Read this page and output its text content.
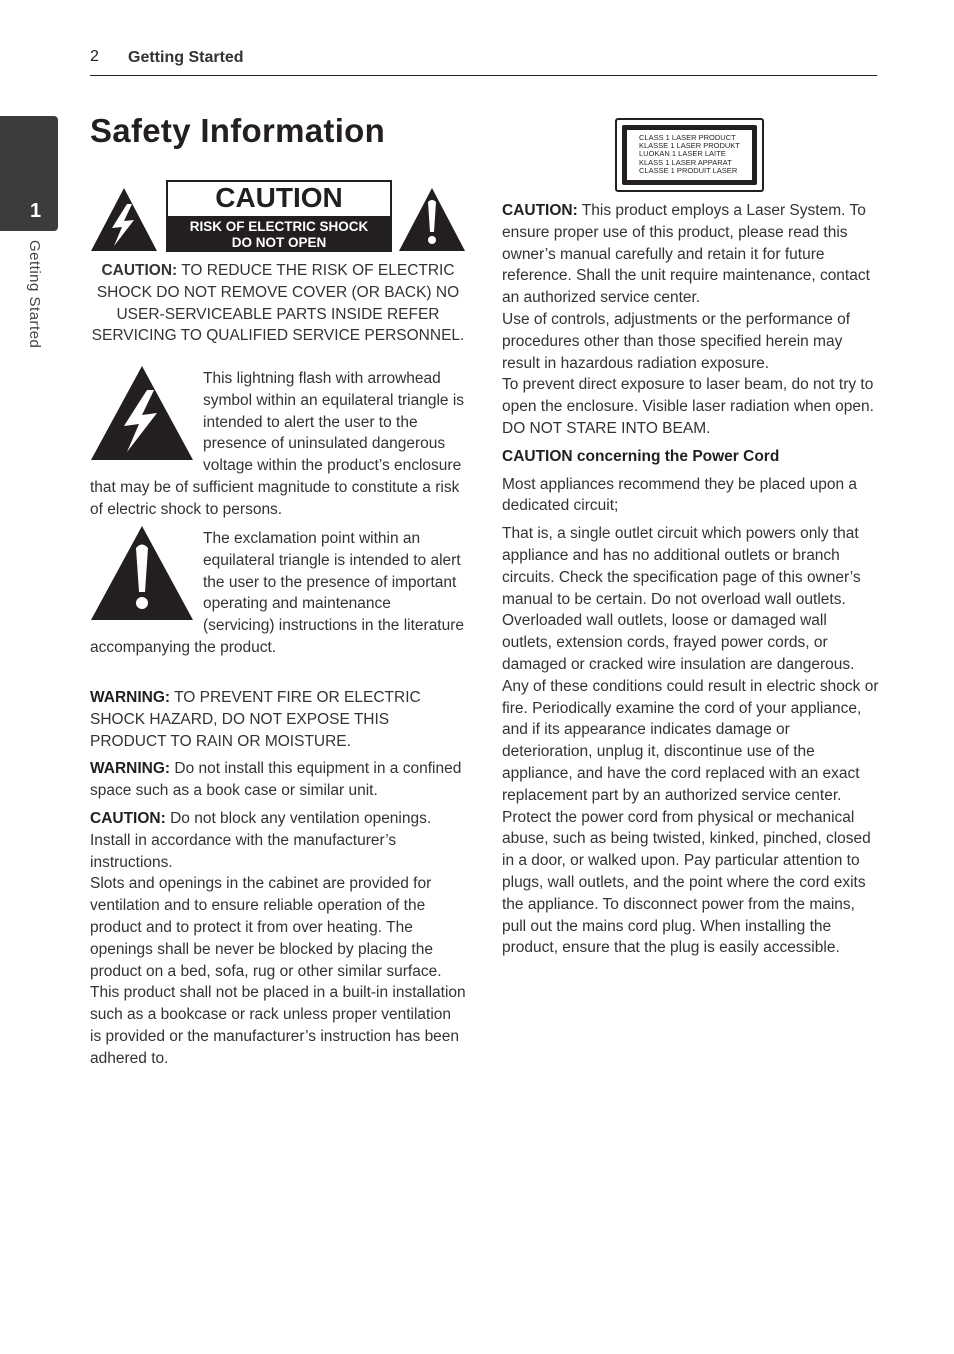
2 Getting Started
1
Getting Started
Safety Information
CAUTION
RISK OF ELECTRIC SHOCK
DO NOT OPEN
CAUTION: TO REDUCE THE RISK OF ELECTRIC SHOCK DO NOT REMOVE COVER (OR BACK) NO USER-SERVICEABLE PARTS INSIDE REFER SERVICING TO QUALIFIED SERVICE PERSONNEL.
This lightning flash with arrowhead symbol within an equilateral triangle is intended to alert the user to the presence of uninsulated dangerous voltage within the product’s enclosure that may be of sufficient magnitude to constitute a risk of electric shock to persons.
The exclamation point within an equilateral triangle is intended to alert the user to the presence of important operating and maintenance (servicing) instructions in the literature accompanying the product.

WARNING: TO PREVENT FIRE OR ELECTRIC SHOCK HAZARD, DO NOT EXPOSE THIS PRODUCT TO RAIN OR MOISTURE.

WARNING: Do not install this equipment in a confined space such as a book case or similar unit.

CAUTION: Do not block any ventilation openings. Install in accordance with the manufacturer’s instructions.

Slots and openings in the cabinet are provided for ventilation and to ensure reliable operation of the product and to protect it from over heating. The openings shall be never be blocked by placing the product on a bed, sofa, rug or other similar surface. This product shall not be placed in a built-in installation such as a bookcase or rack unless proper ventilation is provided or the manufacturer’s instruction has been adhered to.

CLASS 1 LASER PRODUCT
KLASSE 1 LASER PRODUKT
LUOKAN 1 LASER LAITE
KLASS 1 LASER APPARAT
CLASSE 1 PRODUIT LASER

CAUTION: This product employs a Laser System. To ensure proper use of this product, please read this owner’s manual carefully and retain it for future reference. Shall the unit require maintenance, contact an authorized service center.

Use of controls, adjustments or the performance of procedures other than those specified herein may result in hazardous radiation exposure.

To prevent direct exposure to laser beam, do not try to open the enclosure. Visible laser radiation when open. DO NOT STARE INTO BEAM.

CAUTION concerning the Power Cord

Most appliances recommend they be placed upon a dedicated circuit;

That is, a single outlet circuit which powers only that appliance and has no additional outlets or branch circuits. Check the specification page of this owner’s manual to be certain. Do not overload wall outlets. Overloaded wall outlets, loose or damaged wall outlets, extension cords, frayed power cords, or damaged or cracked wire insulation are dangerous. Any of these conditions could result in electric shock or fire. Periodically examine the cord of your appliance, and if its appearance indicates damage or deterioration, unplug it, discontinue use of the appliance, and have the cord replaced with an exact replacement part by an authorized service center. Protect the power cord from physical or mechanical abuse, such as being twisted, kinked, pinched, closed in a door, or walked upon. Pay particular attention to plugs, wall outlets, and the point where the cord exits the appliance. To disconnect power from the mains, pull out the mains cord plug. When installing the product, ensure that the plug is easily accessible.
